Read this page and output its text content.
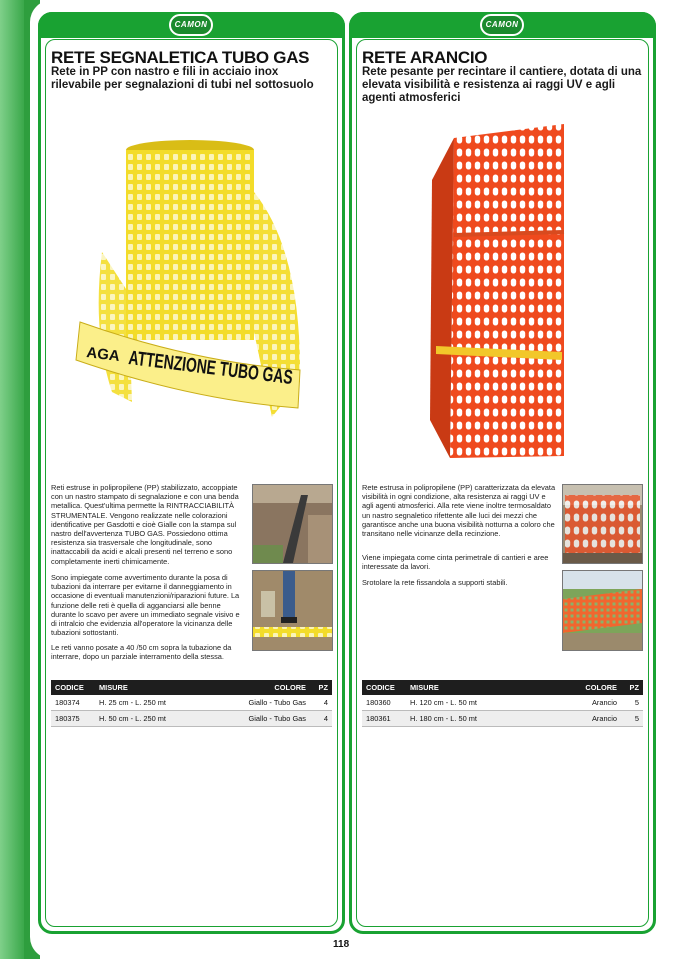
CAMON	CAMON
RETE SEGNALETICA TUBO GAS

Rete in PP con nastro e fili in acciaio inox rilevabile per segnalazioni di tubi nel sottosuolo

AGA ATTENZIONE TUBO GAS

Reti estruse in polipropilene (PP) stabilizzato, accoppiate con un nastro stampato di segnalazione e con una benda metallica. Quest'ultima permette la RINTRACCIABILITÀ STRUMENTALE. Vengono realizzate nelle colorazioni identificative per Gasdotti e cioè Gialle con la stampa sul nastro dell'avvertenza TUBO GAS. Possiedono ottima resistenza sia trasversale che longitudinale, sono inattaccabili da acidi e alcali presenti nel terreno e sono completamente inerti chimicamente.

Sono impiegate come avvertimento durante la posa di tubazioni da interrare per evitarne il danneggiamento in occasione di eventuali manutenzioni/riparazioni future. La funzione delle reti è quella di agganciarsi alle benne durante lo scavo per avere un immediato segnale visivo e di intralcio che evidenzia all'operatore la vicinanza delle tubazioni sottostanti.

Le reti vanno posate a 40 /50 cm sopra la tubazione da interrare, dopo un parziale interramento della stessa.

CODICE	MISURE	COLORE	PZ
180374	H. 25 cm - L. 250 mt	Giallo - Tubo Gas	4
180375	H. 50 cm - L. 250 mt	Giallo - Tubo Gas	4
RETE ARANCIO

Rete pesante per recintare il cantiere, dotata di una elevata visibilità e resistenza ai raggi UV e agli agenti atmosferici

Rete estrusa in polipropilene (PP) caratterizzata da elevata visibilità in ogni condizione, alta resistenza ai raggi UV e agli agenti atmosferici. Alla rete viene inoltre termosaldato un nastro segnaletico rifettente alle luci dei mezzi che garantisce anche una buona visibilità notturna a coloro che transitano nelle vicinanze della recinzione.

Viene impiegata come cinta perimetrale di cantieri e aree interessate da lavori.

Srotolare la rete fissandola a supporti stabili.

CODICE	MISURE	COLORE	PZ
180360	H. 120 cm - L. 50 mt	Arancio	5
180361	H. 180 cm - L. 50 mt	Arancio	5
118
